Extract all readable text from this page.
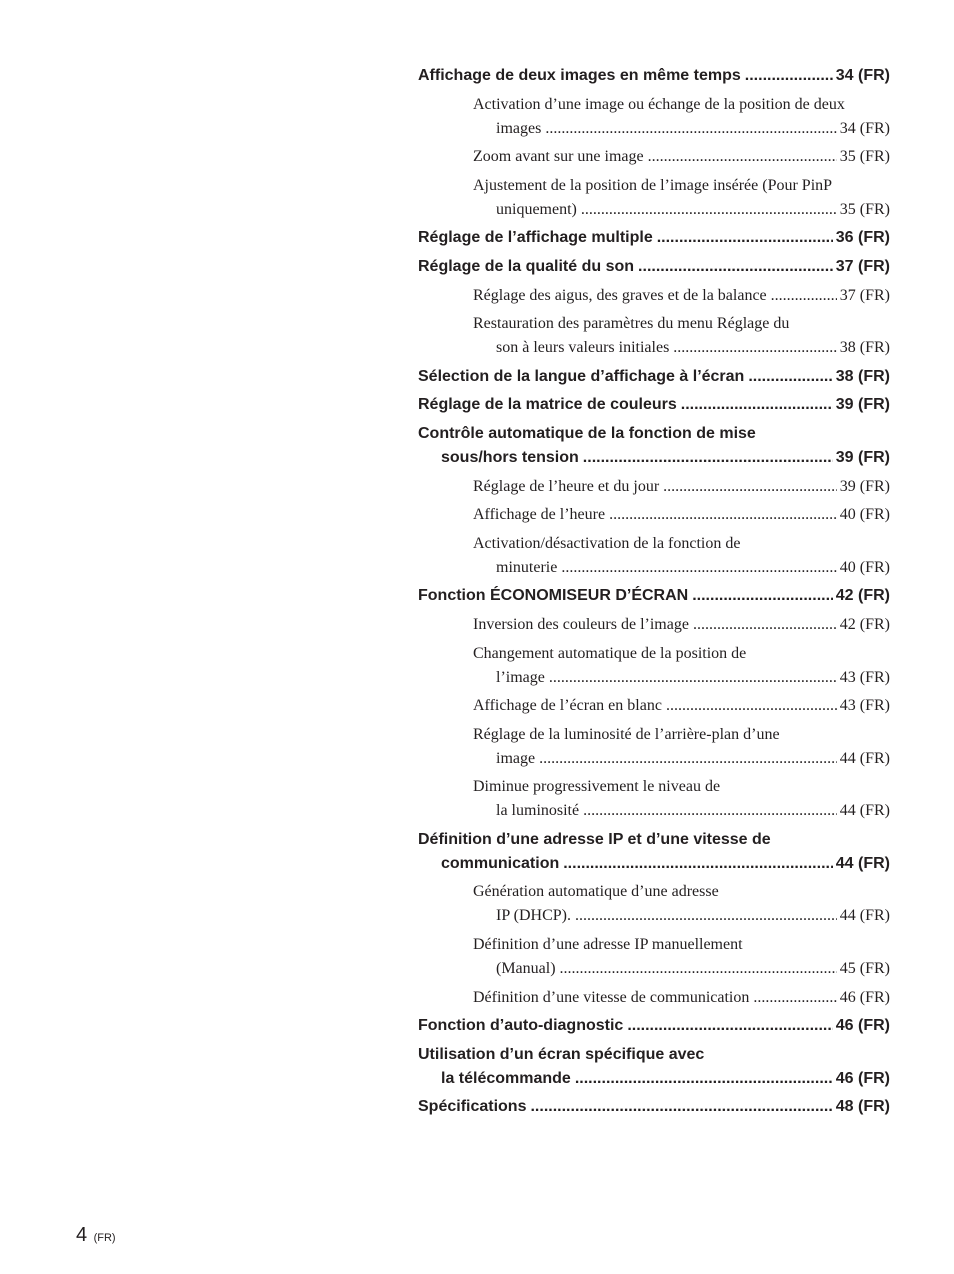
Affichage de deux images en même temps .....	34 (FR)
Activation d’une image ou échange de la position de deux
images .....	34 (FR)
Zoom avant sur une image .....	35 (FR)
Ajustement de la position de l’image insérée (Pour PinP
uniquement) .....	35 (FR)
Réglage de l’affichage multiple .....	36 (FR)
Réglage de la qualité du son .....	37 (FR)
Réglage des aigus, des graves et de la balance .....	37 (FR)
Restauration des paramètres du menu Réglage du
son à leurs valeurs initiales .....	38 (FR)
Sélection de la langue d’affichage à l’écran .....	38 (FR)
Réglage de la matrice de couleurs .....	39 (FR)
Contrôle automatique de la fonction de mise
sous/hors tension .....	39 (FR)
Réglage de l’heure et du jour .....	39 (FR)
Affichage de l’heure .....	40 (FR)
Activation/désactivation de la fonction de
minuterie .....	40 (FR)
Fonction ÉCONOMISEUR D’ÉCRAN .....	42 (FR)
Inversion des couleurs de l’image .....	42 (FR)
Changement automatique de la position de
l’image .....	43 (FR)
Affichage de l’écran en blanc .....	43 (FR)
Réglage de la luminosité de l’arrière-plan d’une
image .....	44 (FR)
Diminue progressivement le niveau de
la luminosité .....	44 (FR)
Définition d’une adresse IP et d’une vitesse de
communication .....	44 (FR)
Génération automatique d’une adresse
IP (DHCP). .....	44 (FR)
Définition d’une adresse IP manuellement
(Manual) .....	45 (FR)
Définition d’une vitesse de communication .....	46 (FR)
Fonction d’auto-diagnostic .....	46 (FR)
Utilisation d’un écran spécifique avec
la télécommande .....	46 (FR)
Spécifications .....	48 (FR)
4 (FR)
